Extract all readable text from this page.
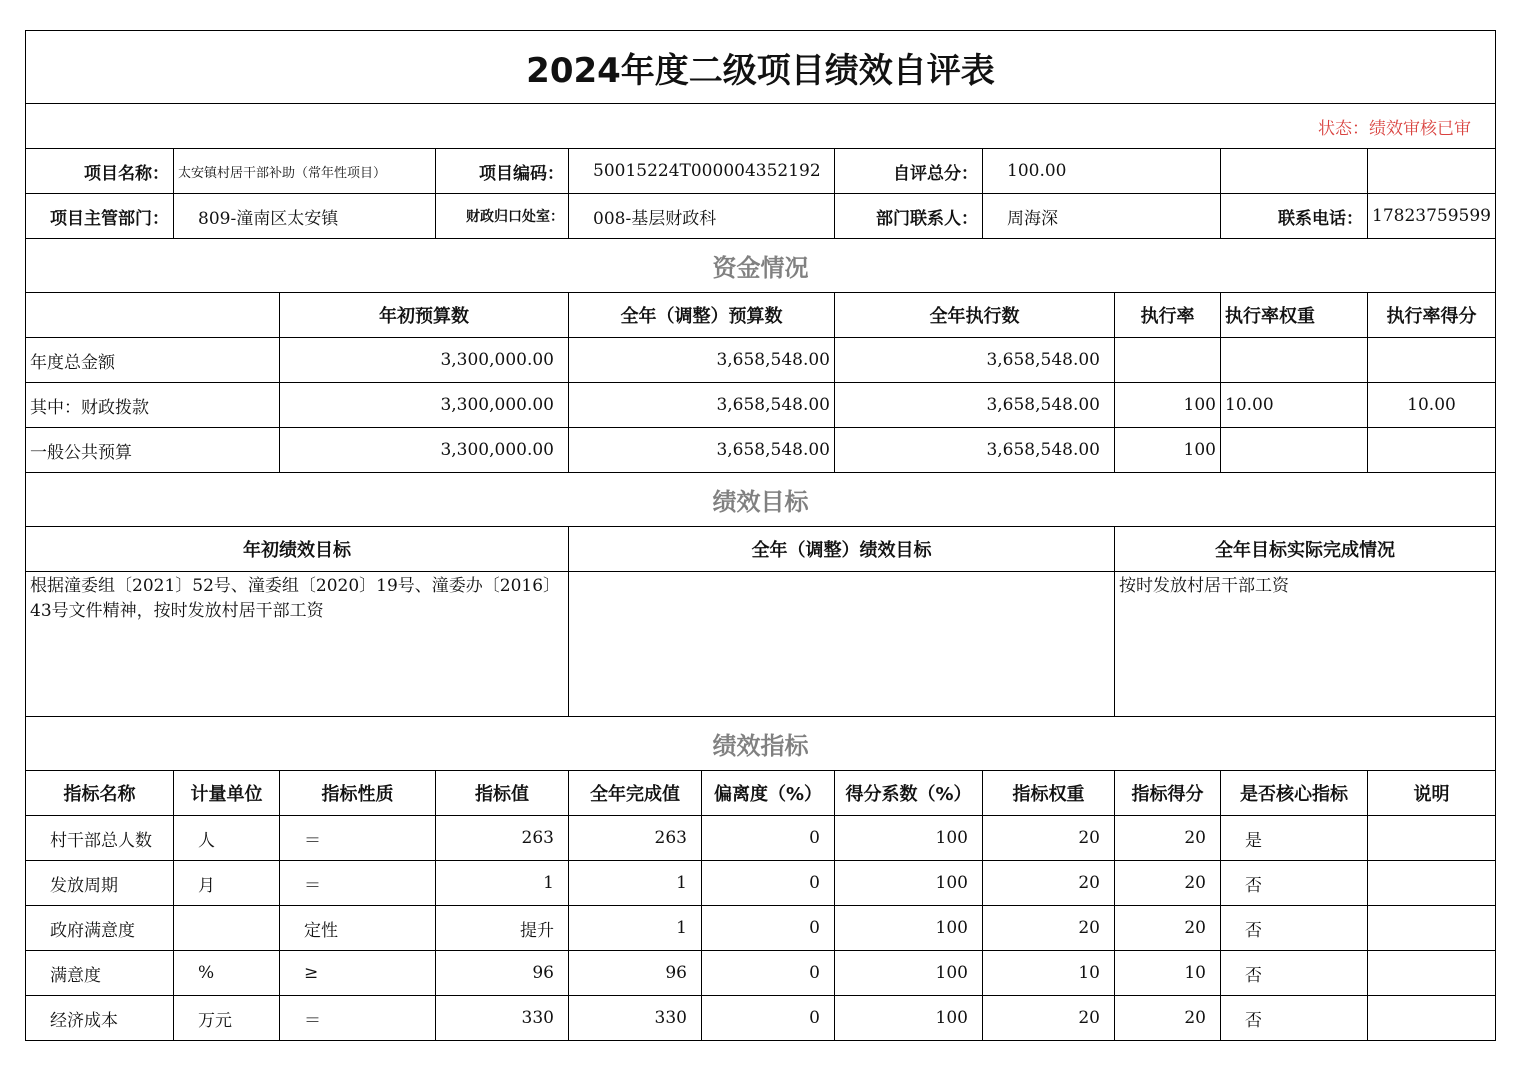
2024年度二级项目绩效自评表										
状态：绩效审核已审										
项目名称：	太安镇村居干部补助（常年性项目）		项目编码：	50015224T000004352192		自评总分：	100.00			
项目主管部门：	809-潼南区太安镇		财政归口处室：	008-基层财政科		部门联系人：	周海深		联系电话：	17823759599
资金情况										
		年初预算数		全年（调整）预算数		全年执行数		执行率	执行率权重	执行率得分
年度总金额		3,300,000.00		3,658,548.00		3,658,548.00				
其中：财政拨款		3,300,000.00		3,658,548.00		3,658,548.00		100	10.00	10.00
一般公共预算		3,300,000.00		3,658,548.00		3,658,548.00		100		
绩效目标										
年初绩效目标				全年（调整）绩效目标				全年目标实际完成情况		
根据潼委组〔2021〕52号、潼委组〔2020〕19号、潼委办〔2016〕43号文件精神，按时发放村居干部工资								按时发放村居干部工资		
绩效指标										
指标名称	计量单位	指标性质	指标值	全年完成值	偏离度（%）	得分系数（%）	指标权重	指标得分	是否核心指标	说明
村干部总人数	人	＝	263	263	0	100	20	20	是	
发放周期	月	＝	1	1	0	100	20	20	否	
政府满意度		定性	提升	1	0	100	20	20	否	
满意度	%	≥	96	96	0	100	10	10	否	
经济成本	万元	＝	330	330	0	100	20	20	否	
